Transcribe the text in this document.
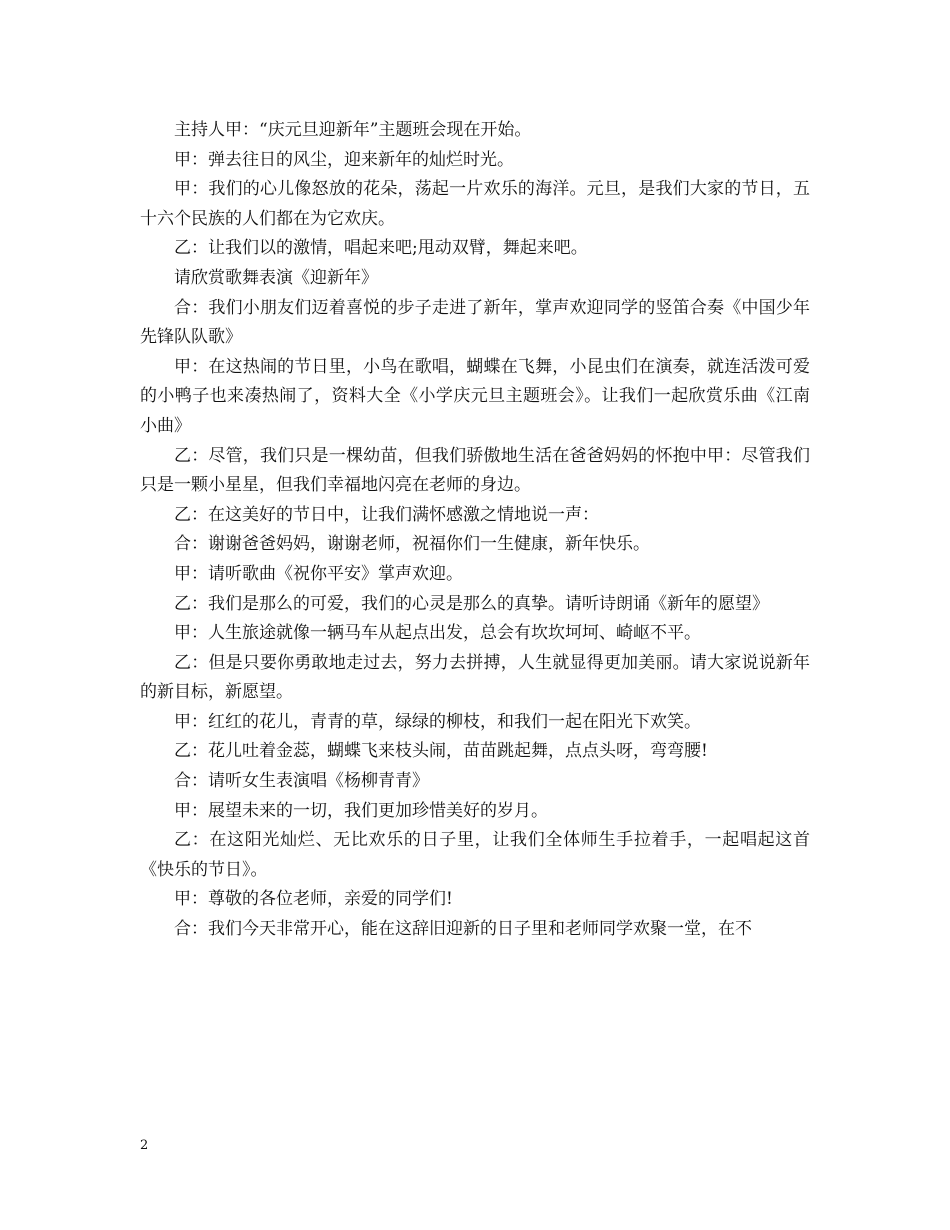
主持人甲：“庆元旦迎新年”主题班会现在开始。

甲：弹去往日的风尘，迎来新年的灿烂时光。

甲：我们的心儿像怒放的花朵，荡起一片欢乐的海洋。元旦，是我们大家的节日，五十六个民族的人们都在为它欢庆。

乙：让我们以的激情，唱起来吧;甩动双臂，舞起来吧。

请欣赏歌舞表演《迎新年》

合：我们小朋友们迈着喜悦的步子走进了新年，掌声欢迎同学的竖笛合奏《中国少年先锋队队歌》

甲：在这热闹的节日里，小鸟在歌唱，蝴蝶在飞舞，小昆虫们在演奏，就连活泼可爱的小鸭子也来凑热闹了，资料大全《小学庆元旦主题班会》。让我们一起欣赏乐曲《江南小曲》

乙：尽管，我们只是一棵幼苗，但我们骄傲地生活在爸爸妈妈的怀抱中甲：尽管我们只是一颗小星星，但我们幸福地闪亮在老师的身边。

乙：在这美好的节日中，让我们满怀感激之情地说一声：

合：谢谢爸爸妈妈，谢谢老师，祝福你们一生健康，新年快乐。

甲：请听歌曲《祝你平安》掌声欢迎。

乙：我们是那么的可爱，我们的心灵是那么的真挚。请听诗朗诵《新年的愿望》

甲：人生旅途就像一辆马车从起点出发，总会有坎坎坷坷、崎岖不平。

乙：但是只要你勇敢地走过去，努力去拼搏，人生就显得更加美丽。请大家说说新年的新目标，新愿望。

甲：红红的花儿，青青的草，绿绿的柳枝，和我们一起在阳光下欢笑。

乙：花儿吐着金蕊，蝴蝶飞来枝头闹，苗苗跳起舞，点点头呀，弯弯腰!

合：请听女生表演唱《杨柳青青》

甲：展望未来的一切，我们更加珍惜美好的岁月。

乙：在这阳光灿烂、无比欢乐的日子里，让我们全体师生手拉着手，一起唱起这首《快乐的节日》。

甲：尊敬的各位老师，亲爱的同学们!

合：我们今天非常开心，能在这辞旧迎新的日子里和老师同学欢聚一堂，在不

2
